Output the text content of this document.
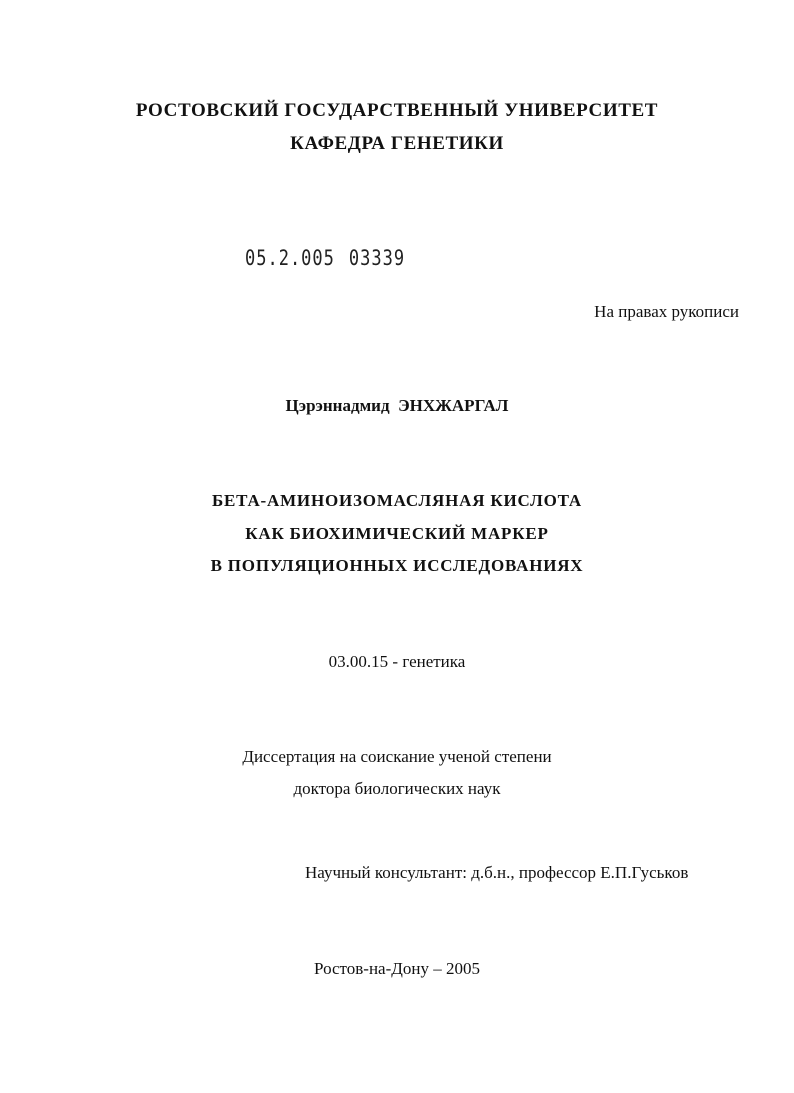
РОСТОВСКИЙ ГОСУДАРСТВЕННЫЙ УНИВЕРСИТЕТ
КАФЕДРА ГЕНЕТИКИ
05.2.005 03339
На правах рукописи
Цэрэннадмид ЭНХЖАРГАЛ
БЕТА-АМИНОИЗОМАСЛЯНАЯ КИСЛОТА
КАК БИОХИМИЧЕСКИЙ МАРКЕР
В ПОПУЛЯЦИОННЫХ ИССЛЕДОВАНИЯХ
03.00.15 - генетика
Диссертация на соискание ученой степени
доктора биологических наук
Научный консультант: д.б.н., профессор Е.П.Гуськов
Ростов-на-Дону – 2005
